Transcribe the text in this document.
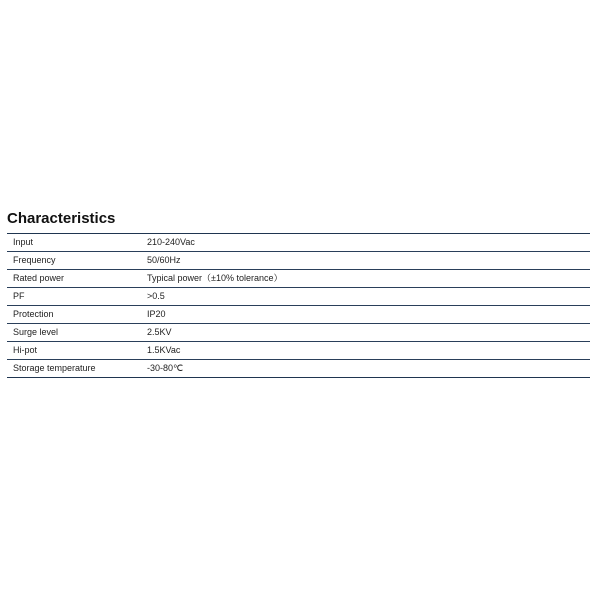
Characteristics
Input	210-240Vac
Frequency	50/60Hz
Rated power	Typical power（±10% tolerance）
PF	>0.5
Protection	IP20
Surge level	2.5KV
Hi-pot	1.5KVac
Storage temperature	-30-80℃
